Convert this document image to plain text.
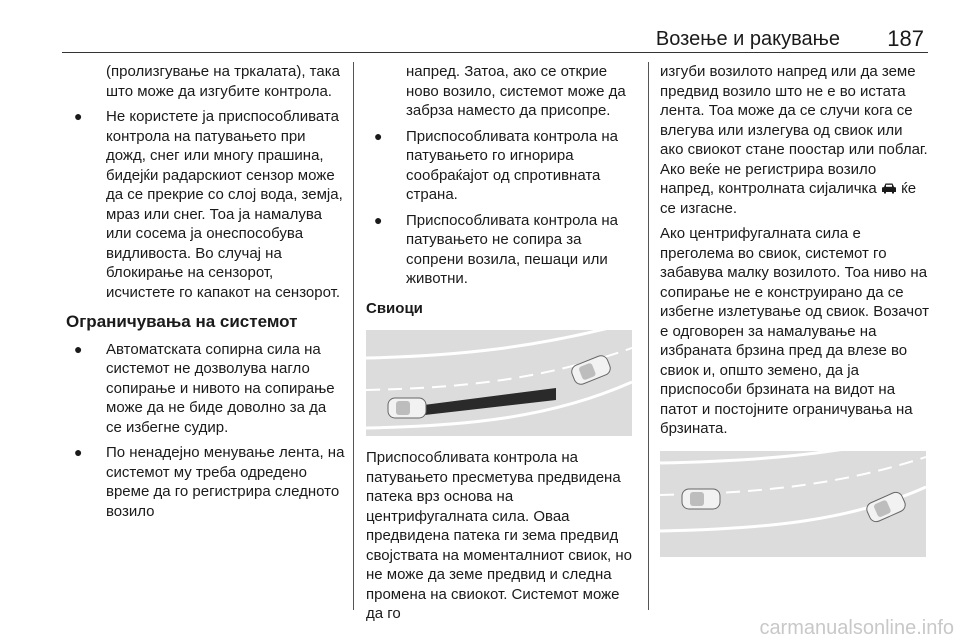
Возење и ракување 187

(пролизгување на тркалата), така што може да изгубите контрола.

● Не користете ја приспособливата контрола на патувањето при дожд, снег или многу прашина, бидејќи радарскиот сензор може да се прекрие со слој вода, земја, мраз или снег. Тоа ја намалува или сосема ја онеспособува видливоста. Во случај на блокирање на сензорот, исчистете го капакот на сензорот.
Ограничувања на системот
● Автоматската сопирна сила на системот не дозволува нагло сопирање и нивото на сопирање може да не биде доволно за да се избегне судир.
● По ненадејно менување лента, на системот му треба одредено време да го регистрира следното возило

напред. Затоа, ако се открие ново возило, системот може да забрза наместо да присопре.

● Приспособливата контрола на патувањето го игнорира сообраќајот од спротивната страна.
● Приспособливата контрола на патувањето не сопира за сопрени возила, пешаци или животни.
Свиоци

Приспособливата контрола на патувањето пресметува предвидена патека врз основа на центрифугалната сила. Оваа предвидена патека ги зема предвид својствата на моменталниот свиок, но не може да земе предвид и следна промена на свиокот. Системот може да го

изгуби возилото напред или да земе предвид возило што не е во истата лента. Тоа може да се случи кога се влегува или излегува од свиок или ако свиокот стане поостар или поблаг. Ако веќе не регистрира возило напред, контролната сијаличка ќе се изгасне.

Ако центрифугалната сила е преголема во свиок, системот го забавува малку возилото. Тоа ниво на сопирање не е конструирано да се избегне излетување од свиок. Возачот е одговорен за намалување на избраната брзина пред да влезе во свиок и, општо земено, да ја приспособи брзината на видот на патот и постојните ограничувања на брзината.

carmanualsonline.info
